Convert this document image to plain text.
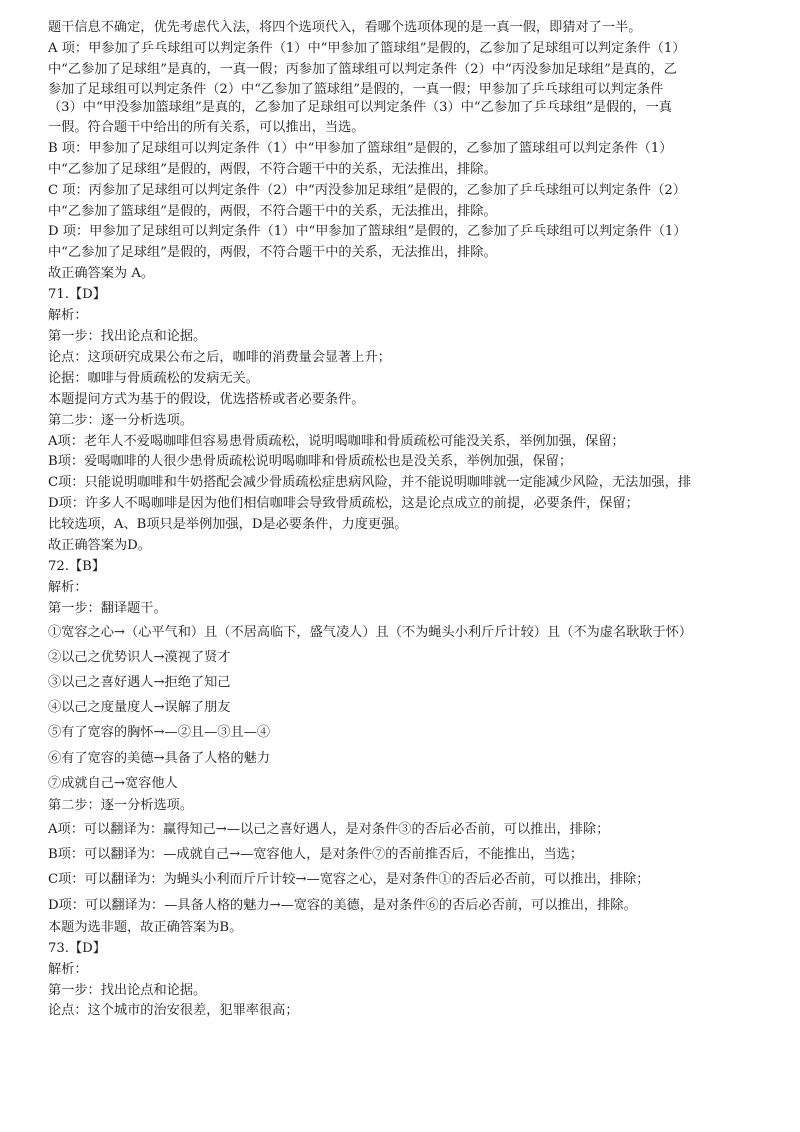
题干信息不确定，优先考虑代入法，将四个选项代入，看哪个选项体现的是一真一假，即猜对了一半。
A 项：甲参加了乒乓球组可以判定条件（1）中“甲参加了篮球组”是假的，乙参加了足球组可以判定条件（1）
中“乙参加了足球组”是真的，一真一假；丙参加了篮球组可以判定条件（2）中“丙没参加足球组”是真的，乙
参加了足球组可以判定条件（2）中“乙参加了篮球组”是假的，一真一假；甲参加了乒乓球组可以判定条件
（3）中“甲没参加篮球组”是真的，乙参加了足球组可以判定条件（3）中“乙参加了乒乓球组”是假的，一真
一假。符合题干中给出的所有关系，可以推出，当选。
B 项：甲参加了足球组可以判定条件（1）中“甲参加了篮球组”是假的，乙参加了篮球组可以判定条件（1）
中“乙参加了足球组”是假的，两假，不符合题干中的关系，无法推出，排除。
C 项：丙参加了足球组可以判定条件（2）中“丙没参加足球组”是假的，乙参加了乒乓球组可以判定条件（2）
中“乙参加了篮球组”是假的，两假，不符合题干中的关系，无法推出，排除。
D 项：甲参加了足球组可以判定条件（1）中“甲参加了篮球组”是假的，乙参加了乒乓球组可以判定条件（1）
中“乙参加了足球组”是假的，两假，不符合题干中的关系，无法推出，排除。
故正确答案为 A。
71.【D】
解析：
第一步：找出论点和论据。
论点：这项研究成果公布之后，咖啡的消费量会显著上升；
论据：咖啡与骨质疏松的发病无关。
本题提问方式为基于的假设，优选搭桥或者必要条件。
第二步：逐一分析选项。
A项：老年人不爱喝咖啡但容易患骨质疏松，说明喝咖啡和骨质疏松可能没关系，举例加强，保留；
B项：爱喝咖啡的人很少患骨质疏松说明喝咖啡和骨质疏松也是没关系，举例加强，保留；
C项：只能说明咖啡和牛奶搭配会减少骨质疏松症患病风险，并不能说明咖啡就一定能减少风险，无法加强，排
D项：许多人不喝咖啡是因为他们相信咖啡会导致骨质疏松，这是论点成立的前提，必要条件，保留；
比较选项，A、B项只是举例加强，D是必要条件，力度更强。
故正确答案为D。
72.【B】
解析：
第一步：翻译题干。
①宽容之心→（心平气和）且（不居高临下，盛气凌人）且（不为蝇头小利斤斤计较）且（不为虚名耿耿于怀）
②以己之优势识人→漠视了贤才
③以己之喜好遇人→拒绝了知己
④以己之度量度人→误解了朋友
⑤有了宽容的胸怀→—②且—③且—④
⑥有了宽容的美德→具备了人格的魅力
⑦成就自己→宽容他人
第二步：逐一分析选项。
A项：可以翻译为：赢得知己→—以己之喜好遇人，是对条件③的否后必否前，可以推出，排除；
B项：可以翻译为：—成就自己→—宽容他人，是对条件⑦的否前推否后，不能推出，当选；
C项：可以翻译为：为蝇头小利而斤斤计较→—宽容之心，是对条件①的否后必否前，可以推出，排除；
D项：可以翻译为：—具备人格的魅力→—宽容的美德，是对条件⑥的否后必否前，可以推出，排除。
本题为选非题，故正确答案为B。
73.【D】
解析：
第一步：找出论点和论据。
论点：这个城市的治安很差，犯罪率很高；
